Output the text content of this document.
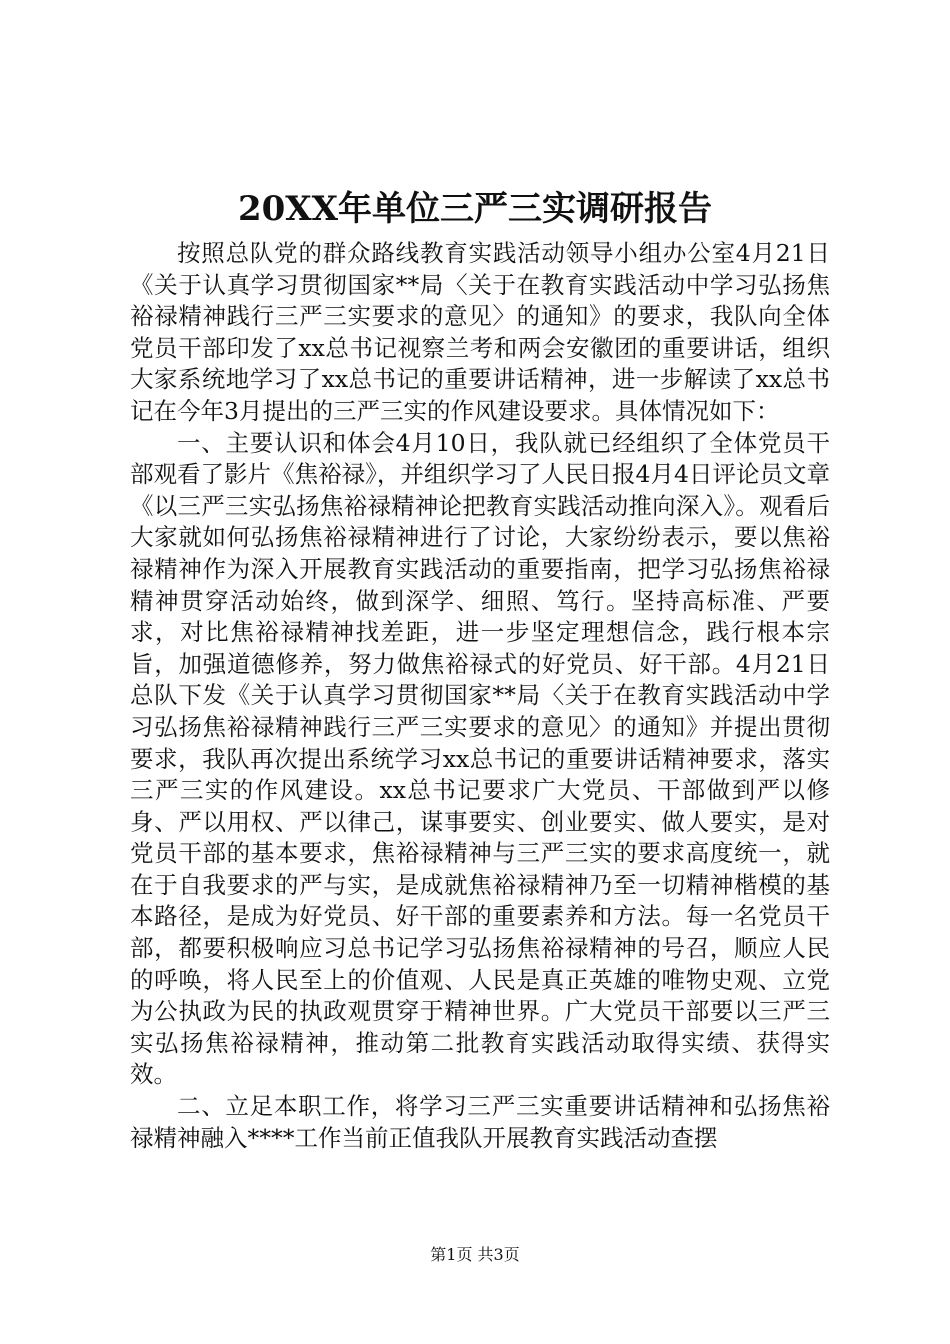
20XX年单位三严三实调研报告

按照总队党的群众路线教育实践活动领导小组办公室4月21日《关于认真学习贯彻国家**局〈关于在教育实践活动中学习弘扬焦裕禄精神践行三严三实要求的意见〉的通知》的要求，我队向全体党员干部印发了xx总书记视察兰考和两会安徽团的重要讲话，组织大家系统地学习了xx总书记的重要讲话精神，进一步解读了xx总书记在今年3月提出的三严三实的作风建设要求。具体情况如下：

一、主要认识和体会4月10日，我队就已经组织了全体党员干部观看了影片《焦裕禄》，并组织学习了人民日报4月4日评论员文章《以三严三实弘扬焦裕禄精神论把教育实践活动推向深入》。观看后大家就如何弘扬焦裕禄精神进行了讨论，大家纷纷表示，要以焦裕禄精神作为深入开展教育实践活动的重要指南，把学习弘扬焦裕禄精神贯穿活动始终，做到深学、细照、笃行。坚持高标准、严要求，对比焦裕禄精神找差距，进一步坚定理想信念，践行根本宗旨，加强道德修养，努力做焦裕禄式的好党员、好干部。4月21日总队下发《关于认真学习贯彻国家**局〈关于在教育实践活动中学习弘扬焦裕禄精神践行三严三实要求的意见〉的通知》并提出贯彻要求，我队再次提出系统学习xx总书记的重要讲话精神要求，落实三严三实的作风建设。xx总书记要求广大党员、干部做到严以修身、严以用权、严以律己，谋事要实、创业要实、做人要实，是对党员干部的基本要求，焦裕禄精神与三严三实的要求高度统一，就在于自我要求的严与实，是成就焦裕禄精神乃至一切精神楷模的基本路径，是成为好党员、好干部的重要素养和方法。每一名党员干部，都要积极响应习总书记学习弘扬焦裕禄精神的号召，顺应人民的呼唤，将人民至上的价值观、人民是真正英雄的唯物史观、立党为公执政为民的执政观贯穿于精神世界。广大党员干部要以三严三实弘扬焦裕禄精神，推动第二批教育实践活动取得实绩、获得实效。

二、立足本职工作，将学习三严三实重要讲话精神和弘扬焦裕禄精神融入****工作当前正值我队开展教育实践活动查摆

第1页 共3页
